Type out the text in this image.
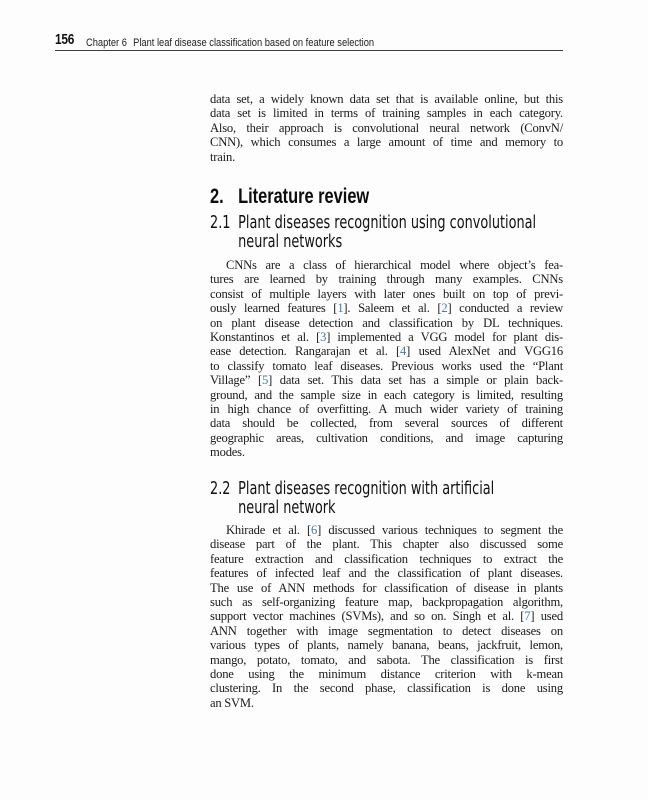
156 Chapter 6 Plant leaf disease classification based on feature selection
data set, a widely known data set that is available online, but this
data set is limited in terms of training samples in each category.
Also, their approach is convolutional neural network (ConvN/
CNN), which consumes a large amount of time and memory to
train.
2. Literature review
2.1 Plant diseases recognition using convolutional
neural networks
CNNs are a class of hierarchical model where object’s fea-
tures are learned by training through many examples. CNNs
consist of multiple layers with later ones built on top of previ-
ously learned features [1]. Saleem et al. [2] conducted a review
on plant disease detection and classification by DL techniques.
Konstantinos et al. [3] implemented a VGG model for plant dis-
ease detection. Rangarajan et al. [4] used AlexNet and VGG16
to classify tomato leaf diseases. Previous works used the “Plant
Village” [5] data set. This data set has a simple or plain back-
ground, and the sample size in each category is limited, resulting
in high chance of overfitting. A much wider variety of training
data should be collected, from several sources of different
geographic areas, cultivation conditions, and image capturing
modes.
2.2 Plant diseases recognition with artificial
neural network
Khirade et al. [6] discussed various techniques to segment the
disease part of the plant. This chapter also discussed some
feature extraction and classification techniques to extract the
features of infected leaf and the classification of plant diseases.
The use of ANN methods for classification of disease in plants
such as self-organizing feature map, backpropagation algorithm,
support vector machines (SVMs), and so on. Singh et al. [7] used
ANN together with image segmentation to detect diseases on
various types of plants, namely banana, beans, jackfruit, lemon,
mango, potato, tomato, and sabota. The classification is first
done using the minimum distance criterion with k-mean
clustering. In the second phase, classification is done using
an SVM.
